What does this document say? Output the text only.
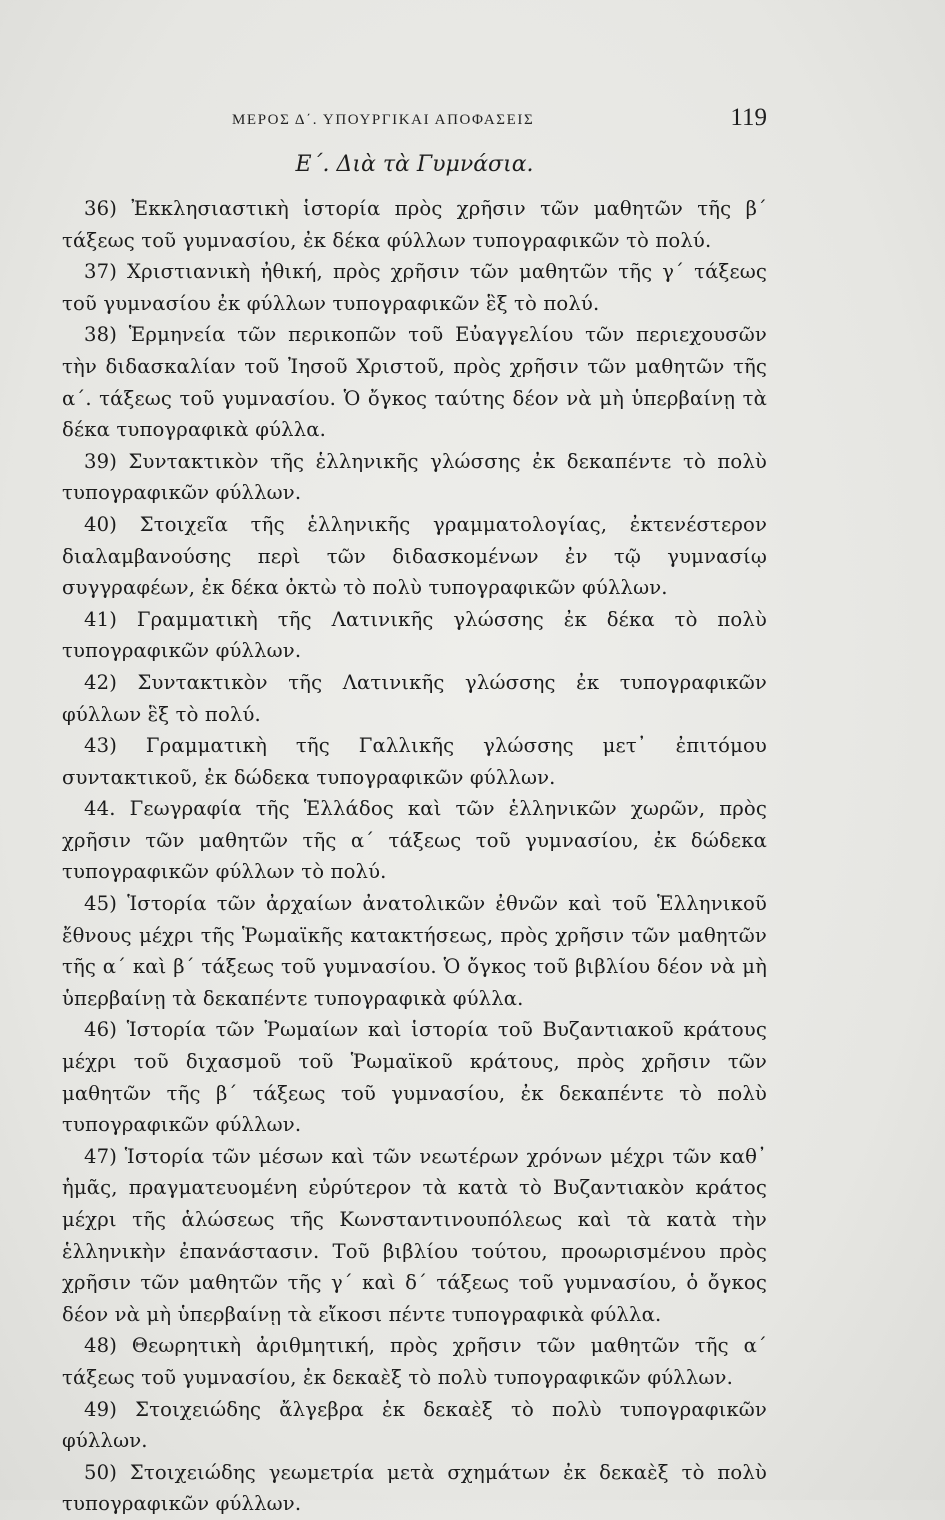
ΜΕΡΟΣ Δ΄. ΥΠΟΥΡΓΙΚΑΙ ΑΠΟΦΑΣΕΙΣ	119
Ε΄. Διὰ τὰ Γυμνάσια.

36) Ἐκκλησιαστικὴ ἱστορία πρὸς χρῆσιν τῶν μαθητῶν τῆς β΄ τάξεως τοῦ γυμνασίου, ἐκ δέκα φύλλων τυπογραφικῶν τὸ πολύ.

37) Χριστιανικὴ ἠθική, πρὸς χρῆσιν τῶν μαθητῶν τῆς γ΄ τάξεως τοῦ γυμνασίου ἐκ φύλλων τυπογραφικῶν ἓξ τὸ πολύ.

38) Ἑρμηνεία τῶν περικοπῶν τοῦ Εὐαγγελίου τῶν περιεχουσῶν τὴν διδασκαλίαν τοῦ Ἰησοῦ Χριστοῦ, πρὸς χρῆσιν τῶν μαθητῶν τῆς α΄. τάξεως τοῦ γυμνασίου. Ὁ ὄγκος ταύτης δέον νὰ μὴ ὑπερβαίνῃ τὰ δέκα τυπογραφικὰ φύλλα.

39) Συντακτικὸν τῆς ἑλληνικῆς γλώσσης ἐκ δεκαπέντε τὸ πολὺ τυπογραφικῶν φύλλων.

40) Στοιχεῖα τῆς ἑλληνικῆς γραμματολογίας, ἐκτενέστερον διαλαμβανούσης περὶ τῶν διδασκομένων ἐν τῷ γυμνασίῳ συγγραφέων, ἐκ δέκα ὀκτὼ τὸ πολὺ τυπογραφικῶν φύλλων.

41) Γραμματικὴ τῆς Λατινικῆς γλώσσης ἐκ δέκα τὸ πολὺ τυπογραφικῶν φύλλων.

42) Συντακτικὸν τῆς Λατινικῆς γλώσσης ἐκ τυπογραφικῶν φύλλων ἓξ τὸ πολύ.

43) Γραμματικὴ τῆς Γαλλικῆς γλώσσης μετ᾽ ἐπιτόμου συντακτικοῦ, ἐκ δώδεκα τυπογραφικῶν φύλλων.

44. Γεωγραφία τῆς Ἑλλάδος καὶ τῶν ἑλληνικῶν χωρῶν, πρὸς χρῆσιν τῶν μαθητῶν τῆς α΄ τάξεως τοῦ γυμνασίου, ἐκ δώδεκα τυπογραφικῶν φύλλων τὸ πολύ.

45) Ἱστορία τῶν ἀρχαίων ἀνατολικῶν ἐθνῶν καὶ τοῦ Ἑλληνικοῦ ἔθνους μέχρι τῆς Ῥωμαϊκῆς κατακτήσεως, πρὸς χρῆσιν τῶν μαθητῶν τῆς α΄ καὶ β΄ τάξεως τοῦ γυμνασίου. Ὁ ὄγκος τοῦ βιβλίου δέον νὰ μὴ ὑπερβαίνῃ τὰ δεκαπέντε τυπογραφικὰ φύλλα.

46) Ἱστορία τῶν Ῥωμαίων καὶ ἱστορία τοῦ Βυζαντιακοῦ κράτους μέχρι τοῦ διχασμοῦ τοῦ Ῥωμαϊκοῦ κράτους, πρὸς χρῆσιν τῶν μαθητῶν τῆς β΄ τάξεως τοῦ γυμνασίου, ἐκ δεκαπέντε τὸ πολὺ τυπογραφικῶν φύλλων.

47) Ἱστορία τῶν μέσων καὶ τῶν νεωτέρων χρόνων μέχρι τῶν καθ᾽ ἡμᾶς, πραγματευομένη εὐρύτερον τὰ κατὰ τὸ Βυζαντιακὸν κράτος μέχρι τῆς ἁλώσεως τῆς Κωνσταντινουπόλεως καὶ τὰ κατὰ τὴν ἑλληνικὴν ἐπανάστασιν. Τοῦ βιβλίου τούτου, προωρισμένου πρὸς χρῆσιν τῶν μαθητῶν τῆς γ΄ καὶ δ΄ τάξεως τοῦ γυμνασίου, ὁ ὄγκος δέον νὰ μὴ ὑπερβαίνῃ τὰ εἴκοσι πέντε τυπογραφικὰ φύλλα.

48) Θεωρητικὴ ἀριθμητική, πρὸς χρῆσιν τῶν μαθητῶν τῆς α΄ τάξεως τοῦ γυμνασίου, ἐκ δεκαὲξ τὸ πολὺ τυπογραφικῶν φύλλων.

49) Στοιχειώδης ἄλγεβρα ἐκ δεκαὲξ τὸ πολὺ τυπογραφικῶν φύλλων.

50) Στοιχειώδης γεωμετρία μετὰ σχημάτων ἐκ δεκαὲξ τὸ πολὺ τυπογραφικῶν φύλλων.
